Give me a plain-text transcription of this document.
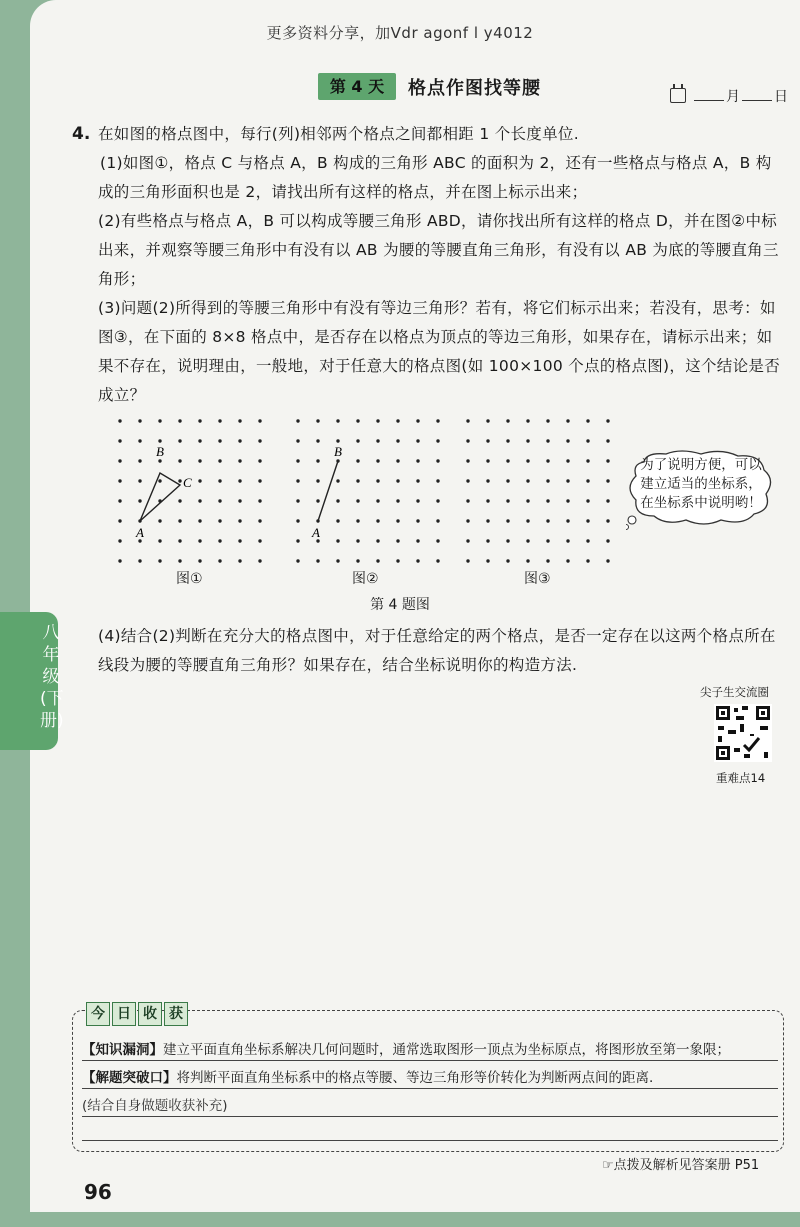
更多资料分享，加Vdr agonf l y4012
第 4 天	格点作图找等腰	月 日
4. 在如图的格点图中，每行(列)相邻两个格点之间都相距 1 个长度单位.
(1)如图①，格点 C 与格点 A，B 构成的三角形 ABC 的面积为 2，还有一些格点与格点 A，B 构成的三角形面积也是 2，请找出所有这样的格点，并在图上标示出来；
(2)有些格点与格点 A，B 可以构成等腰三角形 ABD，请你找出所有这样的格点 D，并在图②中标出来，并观察等腰三角形中有没有以 AB 为腰的等腰直角三角形，有没有以 AB 为底的等腰直角三角形；
(3)问题(2)所得到的等腰三角形中有没有等边三角形？若有，将它们标示出来；若没有，思考：如图③，在下面的 8×8 格点中，是否存在以格点为顶点的等边三角形，如果存在，请标示出来；如果不存在，说明理由，一般地，对于任意大的格点图(如 100×100 个点的格点图)，这个结论是否成立？
B
C
A
B
A
为了说明方便，可以建立适当的坐标系，在坐标系中说明哟！
图①	图②	图③
第 4 题图
(4)结合(2)判断在充分大的格点图中，对于任意给定的两个格点，是否一定存在以这两个格点所在线段为腰的等腰直角三角形？如果存在，结合坐标说明你的构造方法.
八年级(下册)
尖子生交流圈
重难点14
今 日 收 获
【知识漏洞】建立平面直角坐标系解决几何问题时，通常选取图形一顶点为坐标原点，将图形放至第一象限；
【解题突破口】将判断平面直角坐标系中的格点等腰、等边三角形等价转化为判断两点间的距离.
(结合自身做题收获补充)
☞点拨及解析见答案册 P51
96
